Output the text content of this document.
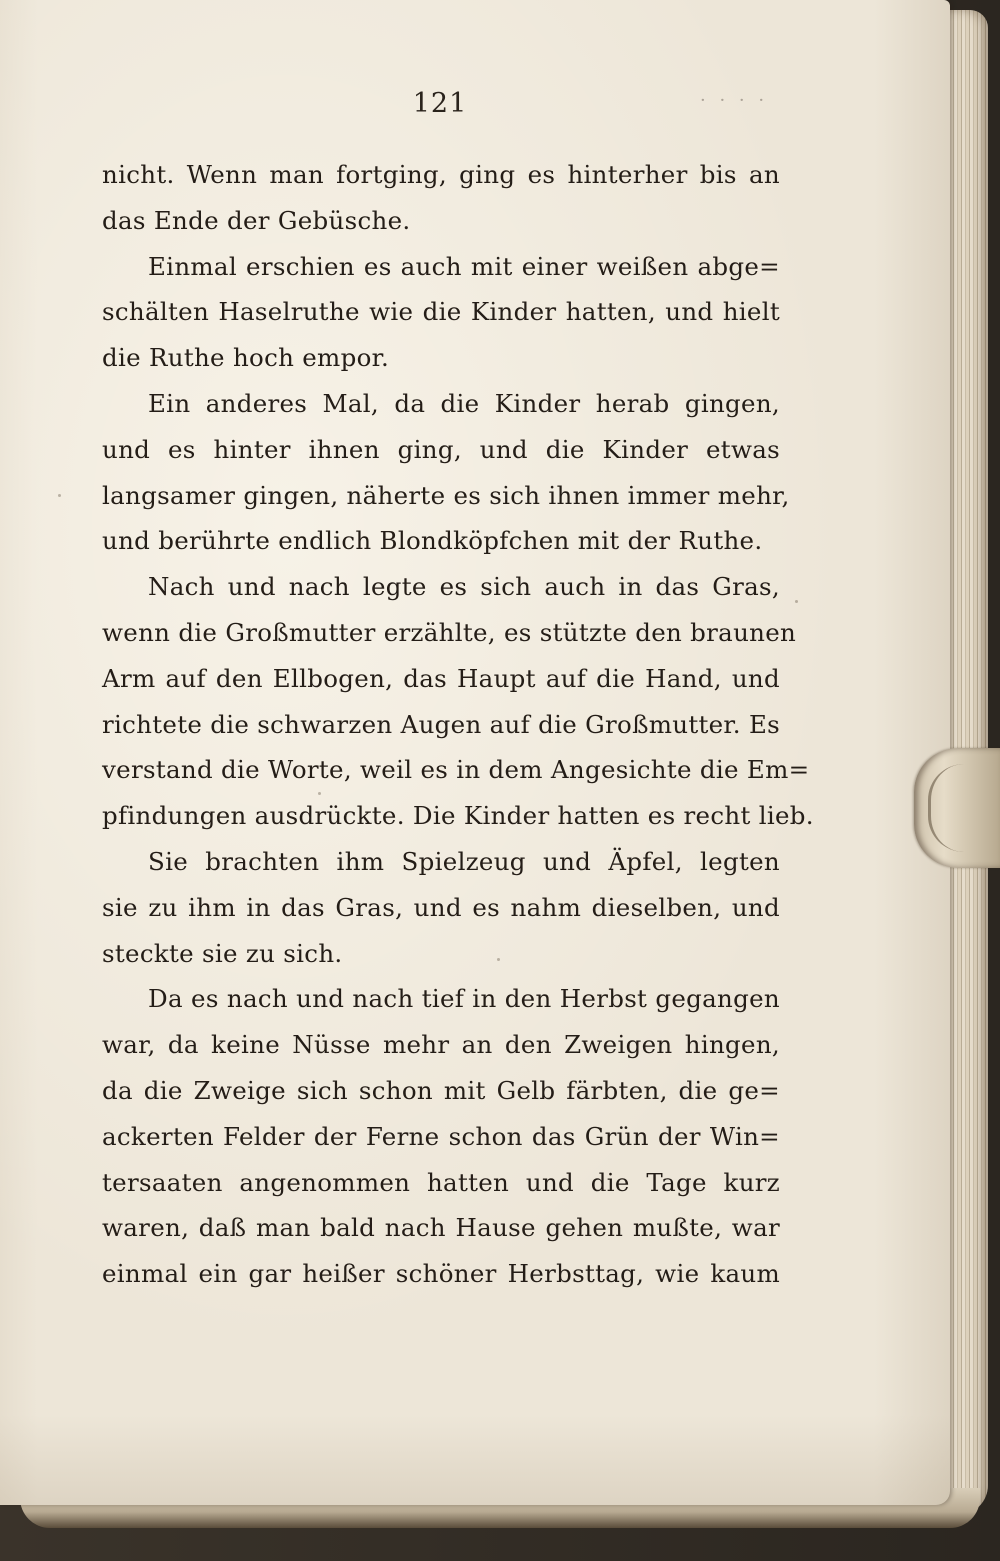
121	· · · ·
nicht. Wenn man fortging, ging es hinterher bis an
das Ende der Gebüsche.
Einmal erschien es auch mit einer weißen abge=
schälten Haselruthe wie die Kinder hatten, und hielt
die Ruthe hoch empor.
Ein anderes Mal, da die Kinder herab gingen,
und es hinter ihnen ging, und die Kinder etwas
langsamer gingen, näherte es sich ihnen immer mehr,
und berührte endlich Blondköpfchen mit der Ruthe.
Nach und nach legte es sich auch in das Gras,
wenn die Großmutter erzählte, es stützte den braunen
Arm auf den Ellbogen, das Haupt auf die Hand, und
richtete die schwarzen Augen auf die Großmutter. Es
verstand die Worte, weil es in dem Angesichte die Em=
pfindungen ausdrückte. Die Kinder hatten es recht lieb.
Sie brachten ihm Spielzeug und Äpfel, legten
sie zu ihm in das Gras, und es nahm dieselben, und
steckte sie zu sich.
Da es nach und nach tief in den Herbst gegangen
war, da keine Nüsse mehr an den Zweigen hingen,
da die Zweige sich schon mit Gelb färbten, die ge=
ackerten Felder der Ferne schon das Grün der Win=
tersaaten angenommen hatten und die Tage kurz
waren, daß man bald nach Hause gehen mußte, war
einmal ein gar heißer schöner Herbsttag, wie kaum
